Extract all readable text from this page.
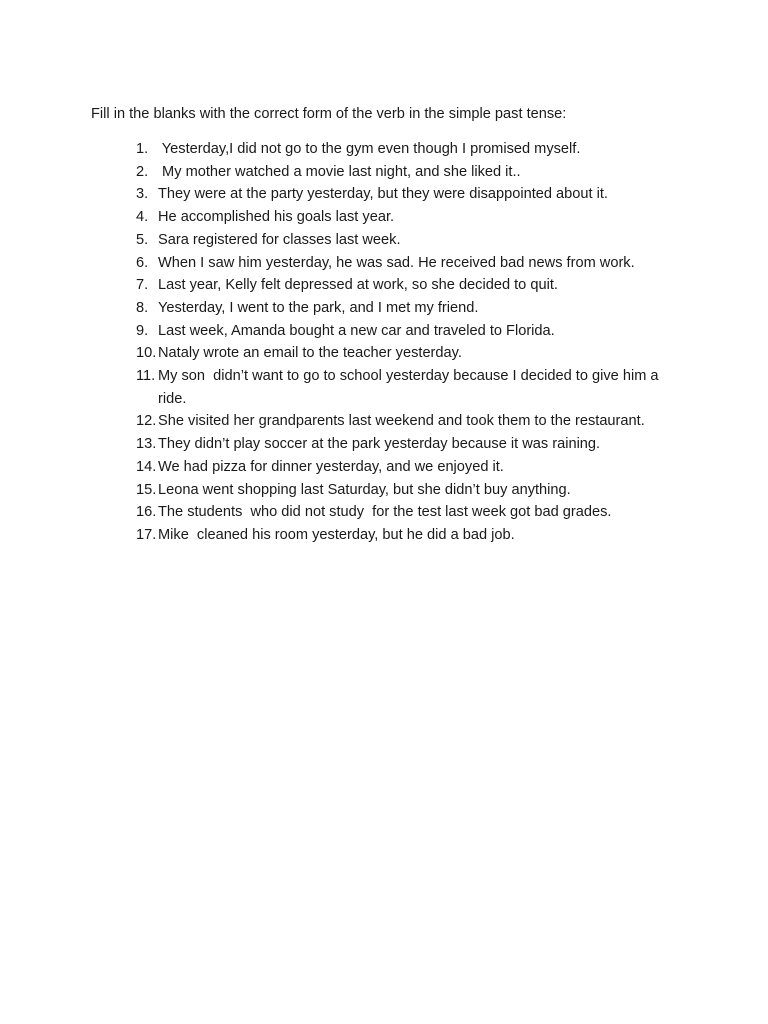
Fill in the blanks with the correct form of the verb in the simple past tense:
1. Yesterday,I did not go to the gym even though I promised myself.
2. My mother watched a movie last night, and she liked it..
3. They were at the party yesterday, but they were disappointed about it.
4. He accomplished his goals last year.
5. Sara registered for classes last week.
6. When I saw him yesterday, he was sad. He received bad news from work.
7. Last year, Kelly felt depressed at work, so she decided to quit.
8. Yesterday, I went to the park, and I met my friend.
9. Last week, Amanda bought a new car and traveled to Florida.
10. Nataly wrote an email to the teacher yesterday.
11. My son  didn’t want to go to school yesterday because I decided to give him a ride.
12. She visited her grandparents last weekend and took them to the restaurant.
13. They didn’t play soccer at the park yesterday because it was raining.
14. We had pizza for dinner yesterday, and we enjoyed it.
15. Leona went shopping last Saturday, but she didn’t buy anything.
16. The students  who did not study  for the test last week got bad grades.
17. Mike  cleaned his room yesterday, but he did a bad job.
